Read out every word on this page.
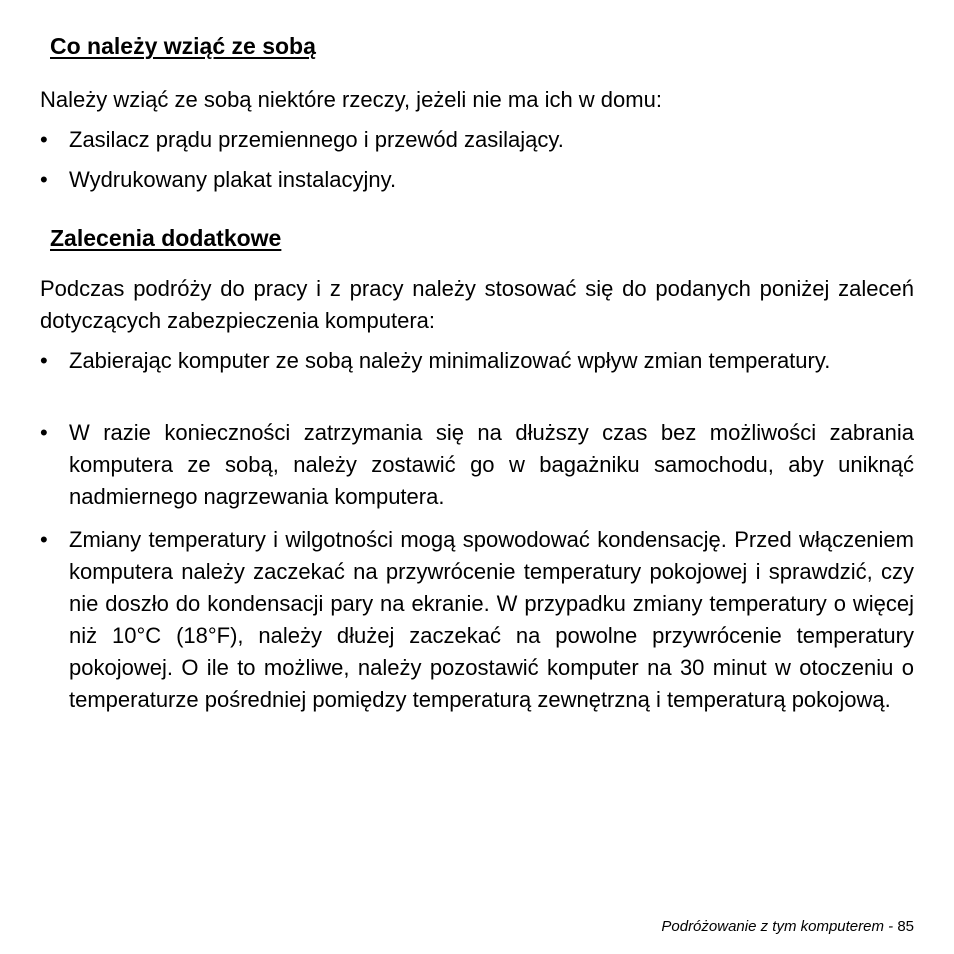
Co należy wziąć ze sobą
Należy wziąć ze sobą niektóre rzeczy, jeżeli nie ma ich w domu:
• Zasilacz prądu przemiennego i przewód zasilający.
• Wydrukowany plakat instalacyjny.
Zalecenia dodatkowe
Podczas podróży do pracy i z pracy należy stosować się do podanych poniżej zaleceń dotyczących zabezpieczenia komputera:
• Zabierając komputer ze sobą należy minimalizować wpływ zmian temperatury.
• W razie konieczności zatrzymania się na dłuższy czas bez możliwości zabrania komputera ze sobą, należy zostawić go w bagażniku samochodu, aby uniknąć nadmiernego nagrzewania komputera.
• Zmiany temperatury i wilgotności mogą spowodować kondensację. Przed włączeniem komputera należy zaczekać na przywrócenie temperatury pokojowej i sprawdzić, czy nie doszło do kondensacji pary na ekranie. W przypadku zmiany temperatury o więcej niż 10°C (18°F), należy dłużej zaczekać na powolne przywrócenie temperatury pokojowej. O ile to możliwe, należy pozostawić komputer na 30 minut w otoczeniu o temperaturze pośredniej pomiędzy temperaturą zewnętrzną i temperaturą pokojową.
Podróżowanie z tym komputerem - 85
